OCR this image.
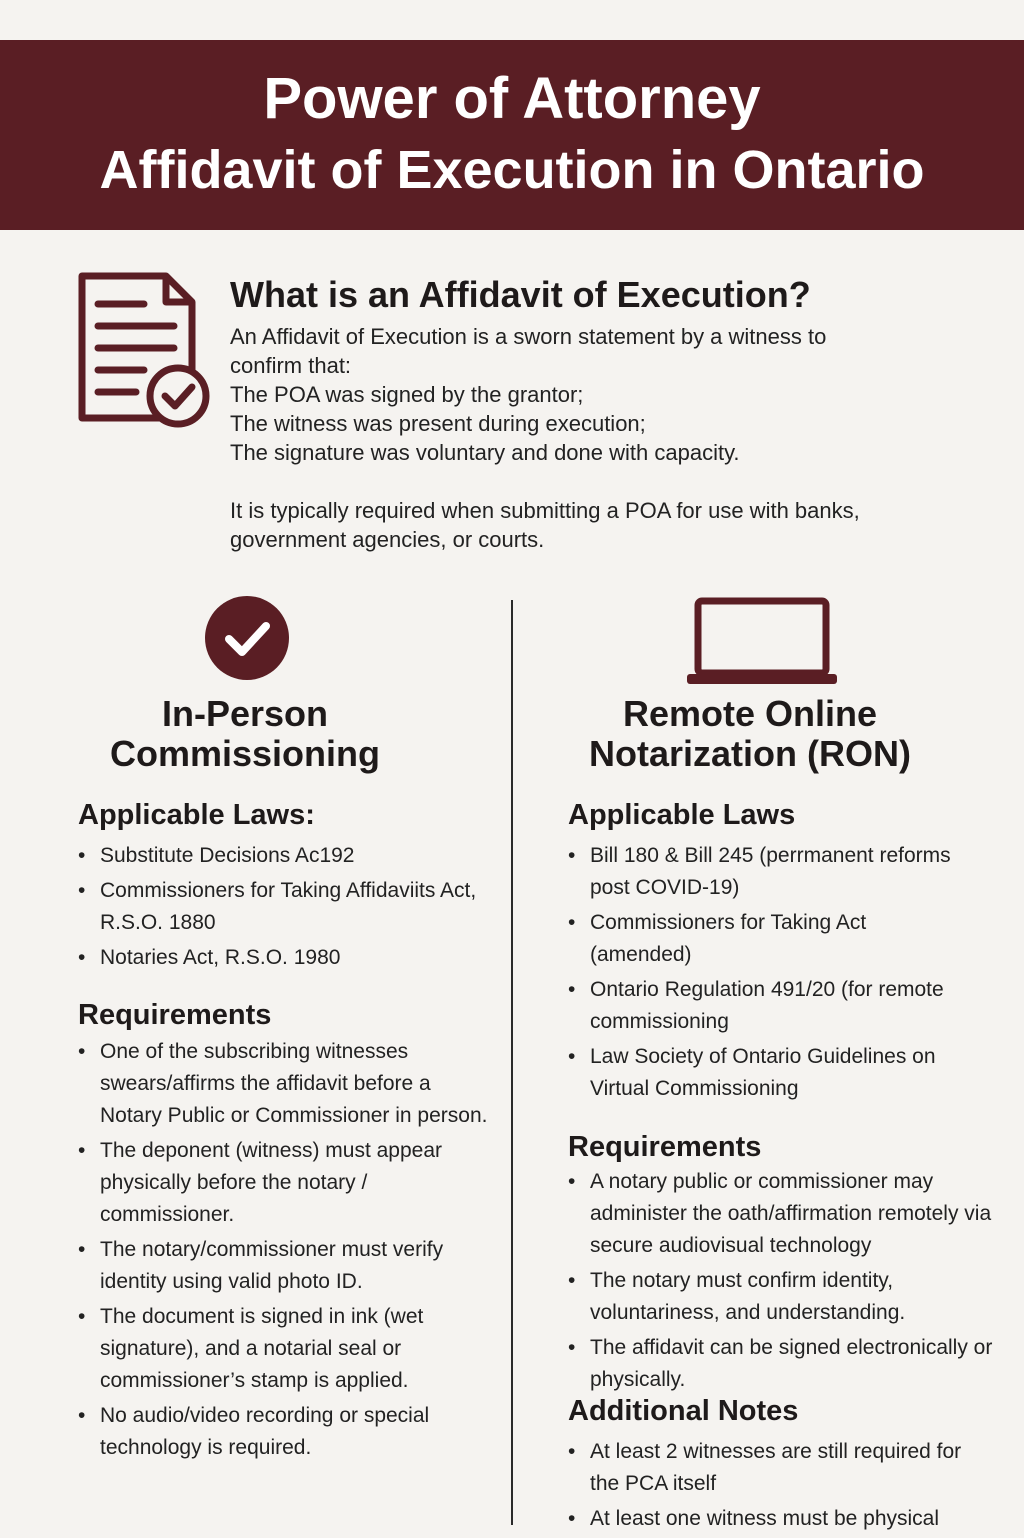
Power of Attorney
Affidavit of Execution in Ontario
What is an Affidavit of Execution?
An Affidavit of Execution is a sworn statement by a witness to
confirm that:
The POA was signed by the grantor;
The witness was present during execution;
The signature was voluntary and done with capacity.
It is typically required when submitting a POA for use with banks,
government agencies, or courts.
In-Person
Commissioning
Applicable Laws:
• Substitute Decisions Ac192
• Commissioners for Taking Affidaviits Act, R.S.O. 1880
• Notaries Act, R.S.O. 1980
Requirements
• One of the subscribing witnesses swears/affirms the affidavit before a Notary Public or Commissioner in person.
• The deponent (witness) must appear physically before the notary / commissioner.
• The notary/commissioner must verify identity using valid photo ID.
• The document is signed in ink (wet signature), and a notarial seal or commissioner’s stamp is applied.
• No audio/video recording or special technology is required.
Remote Online
Notarization (RON)
Applicable Laws
• Bill 180 & Bill 245 (perrmanent reforms post COVID-19)
• Commissioners for Taking Act (amended)
• Ontario Regulation 491/20 (for remote commissioning
• Law Society of Ontario Guidelines on Virtual Commissioning
Requirements
• A notary public or commissioner may administer the oath/affirmation remotely via secure audiovisual technology
• The notary must confirm identity, voluntariness, and understanding.
• The affidavit can be signed electronically or physically.
Additional Notes
• At least 2 witnesses are still required for the PCA itself
• At least one witness must be physical
